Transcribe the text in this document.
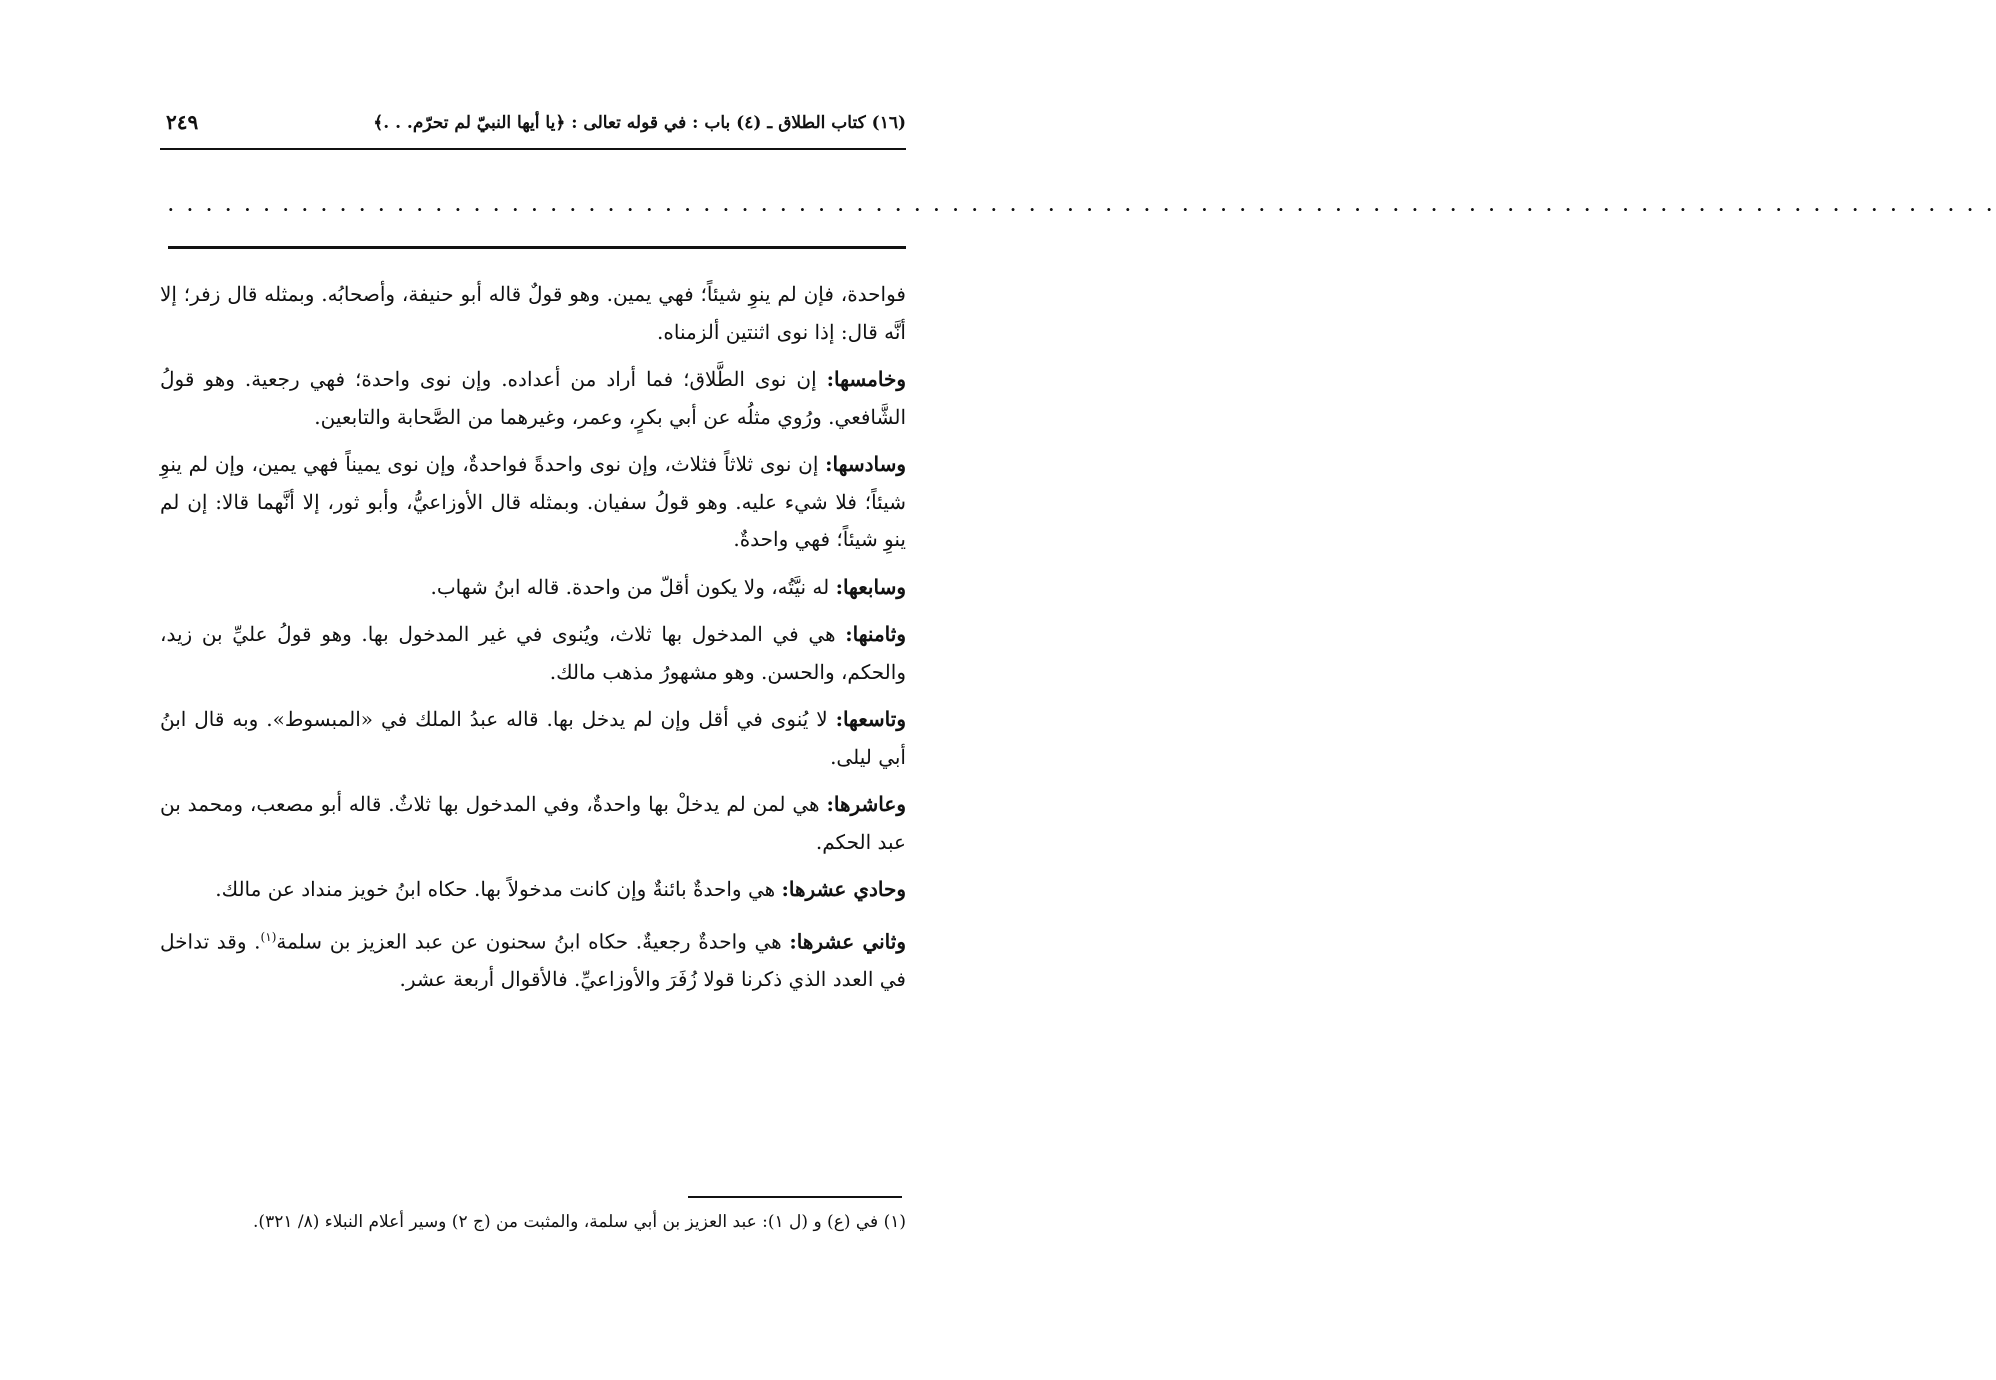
(١٦) كتاب الطلاق ـ (٤) باب : في قوله تعالى : ﴿يا أيها النبيّ لم تحرّم. . .﴾
٢٤٩
. . . . . . . . . . . . . . . . . . . . . . . . . . . . . . . . . . . . . . . . . . . . . . . . . . . . . . . . . . . . . . . . . . . . . . . . . . . . . . . . . . . . . . . . . . . . . . . .

فواحدة، فإن لم ينوِ شيئاً؛ فهي يمين. وهو قولٌ قاله أبو حنيفة، وأصحابُه. وبمثله قال زفر؛ إلا أنَّه قال: إذا نوى اثنتين ألزمناه.

وخامسها: إن نوى الطَّلاق؛ فما أراد من أعداده. وإن نوى واحدة؛ فهي رجعية. وهو قولُ الشَّافعي. ورُوي مثلُه عن أبي بكرٍ، وعمر، وغيرهما من الصَّحابة والتابعين.

وسادسها: إن نوى ثلاثاً فثلاث، وإن نوى واحدةً فواحدةٌ، وإن نوى يميناً فهي يمين، وإن لم ينوِ شيئاً؛ فلا شيء عليه. وهو قولُ سفيان. وبمثله قال الأوزاعيُّ، وأبو ثور، إلا أنَّهما قالا: إن لم ينوِ شيئاً؛ فهي واحدةٌ.

وسابعها: له نيَّتُه، ولا يكون أقلّ من واحدة. قاله ابنُ شهاب.

وثامنها: هي في المدخول بها ثلاث، ويُنوى في غير المدخول بها. وهو قولُ عليِّ بن زيد، والحكم، والحسن. وهو مشهورُ مذهب مالك.

وتاسعها: لا يُنوى في أقل وإن لم يدخل بها. قاله عبدُ الملك في «المبسوط». وبه قال ابنُ أبي ليلى.

وعاشرها: هي لمن لم يدخلْ بها واحدةٌ، وفي المدخول بها ثلاثٌ. قاله أبو مصعب، ومحمد بن عبد الحكم.

وحادي عشرها: هي واحدةٌ بائنةٌ وإن كانت مدخولاً بها. حكاه ابنُ خويز منداد عن مالك.

وثاني عشرها: هي واحدةٌ رجعيةٌ. حكاه ابنُ سحنون عن عبد العزيز بن سلمة$^{(١)}$. وقد تداخل في العدد الذي ذكرنا قولا زُفَرَ والأوزاعيِّ. فالأقوال أربعة عشر.

(١) في (ع) و (ل ١): عبد العزيز بن أبي سلمة، والمثبت من (ج ٢) وسير أعلام النبلاء (٨/ ٣٢١).
